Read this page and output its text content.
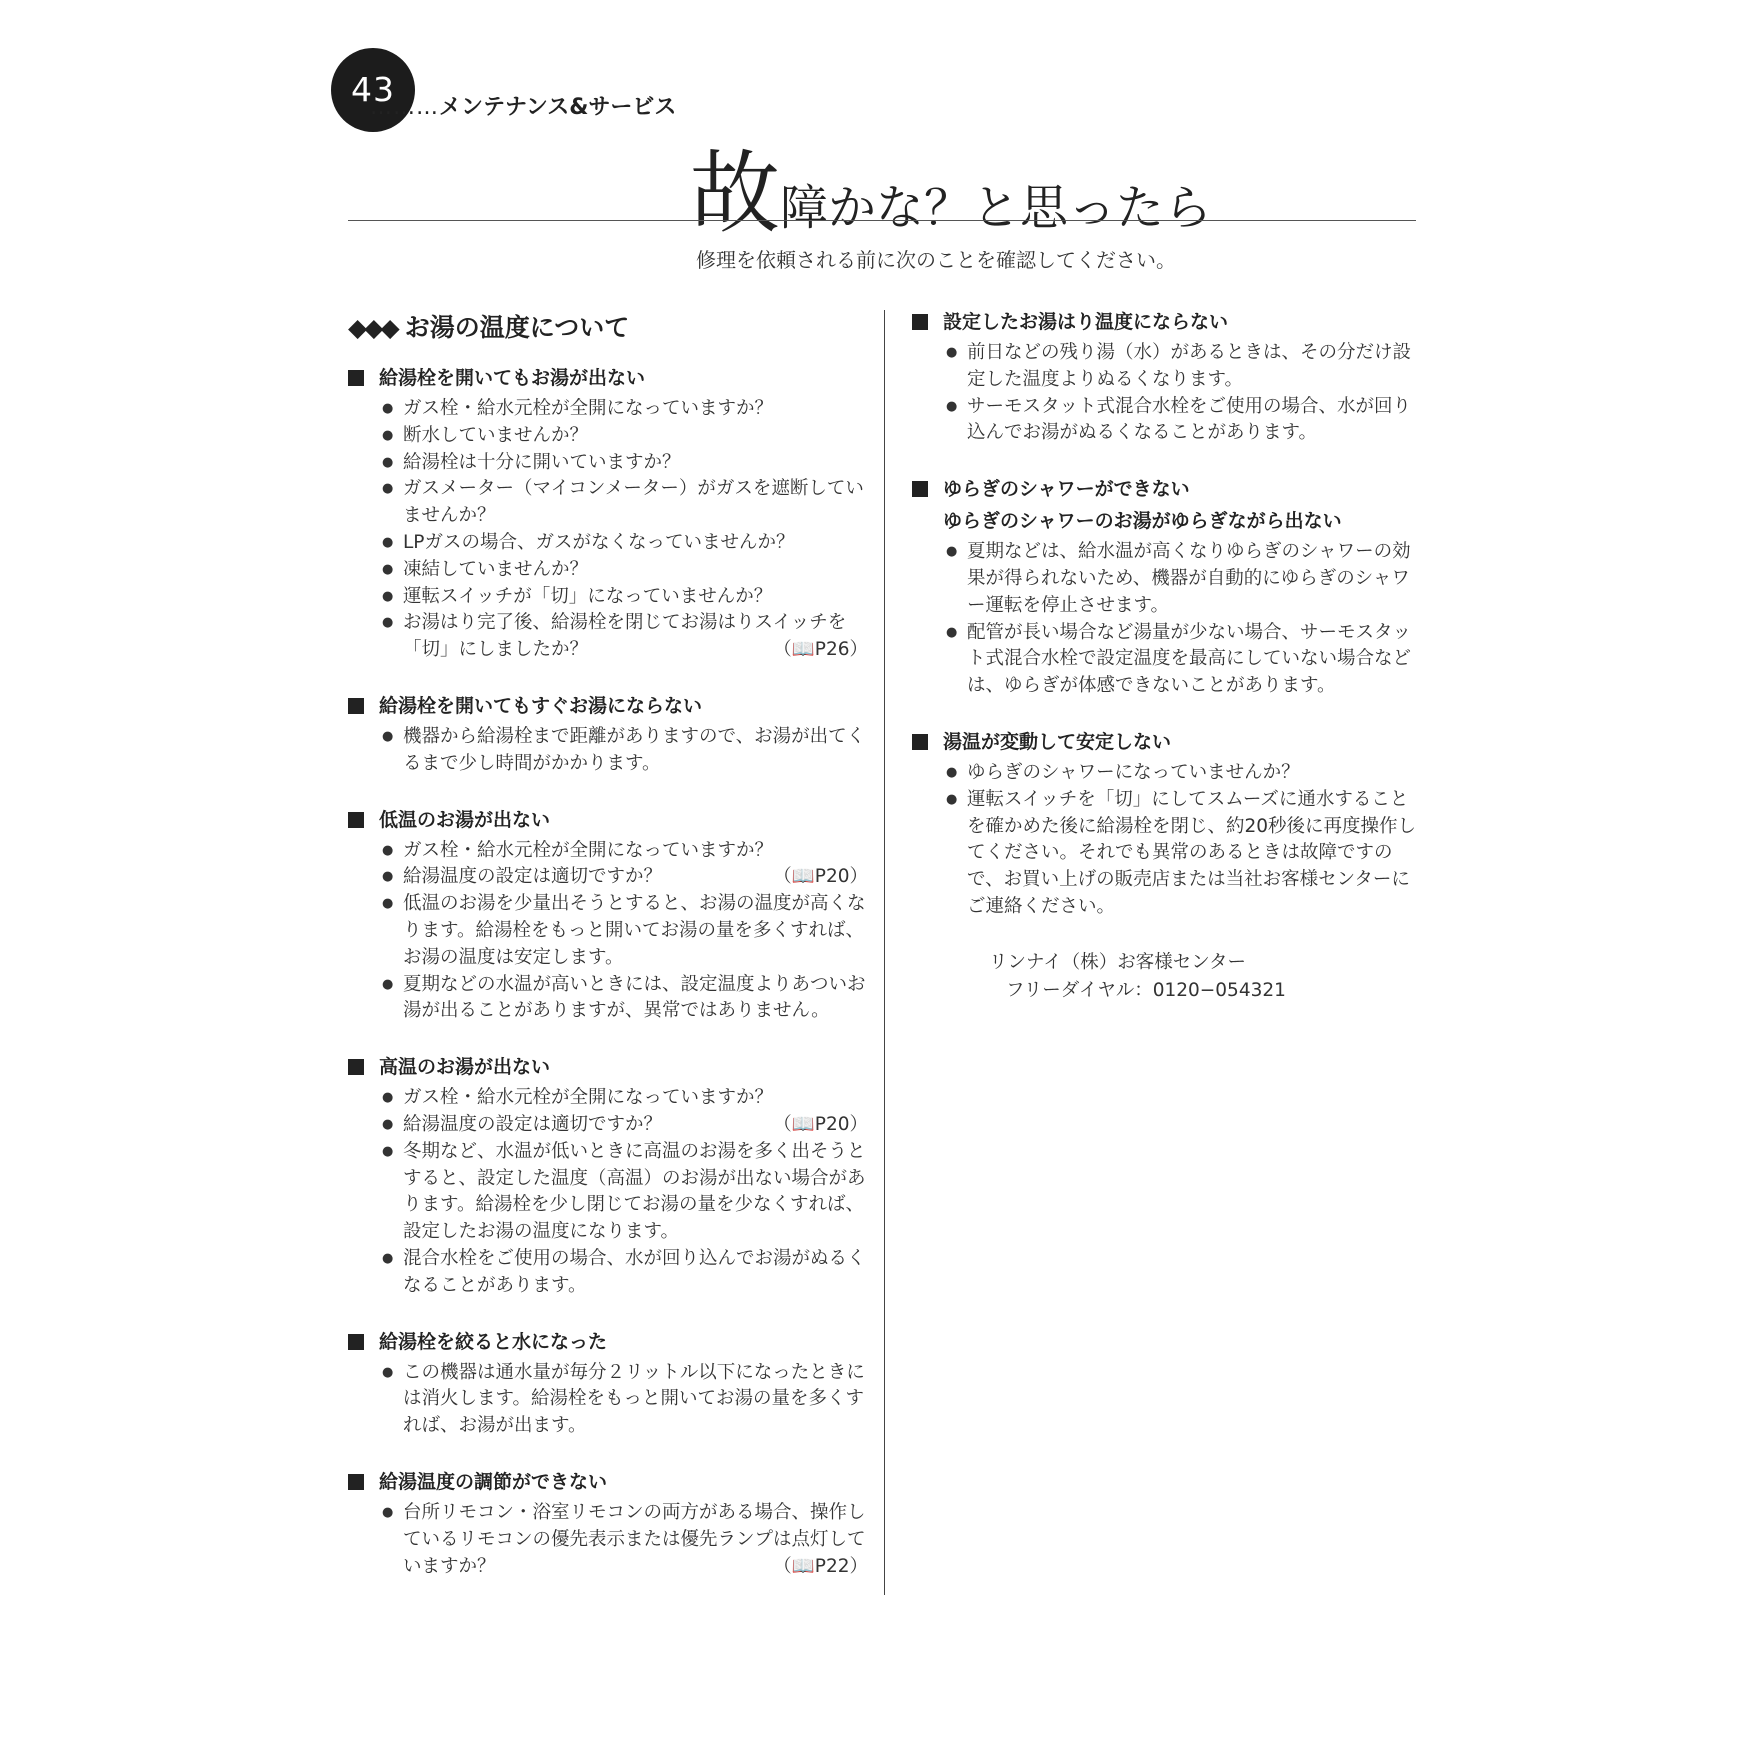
43
………メンテナンス&サービス
故障かな？と思ったら
修理を依頼される前に次のことを確認してください。
◆◆◆ お湯の温度について
給湯栓を開いてもお湯が出ない
● ガス栓・給水元栓が全開になっていますか？
● 断水していませんか？
● 給湯栓は十分に開いていますか？
● ガスメーター（マイコンメーター）がガスを遮断していませんか？
● LPガスの場合、ガスがなくなっていませんか？
● 凍結していませんか？
● 運転スイッチが「切」になっていませんか？
● お湯はり完了後、給湯栓を閉じてお湯はりスイッチを「切」にしましたか？	（📖P26）
給湯栓を開いてもすぐお湯にならない
● 機器から給湯栓まで距離がありますので、お湯が出てくるまで少し時間がかかります。
低温のお湯が出ない
● ガス栓・給水元栓が全開になっていますか？
● 給湯温度の設定は適切ですか？	（📖P20）
● 低温のお湯を少量出そうとすると、お湯の温度が高くなります。給湯栓をもっと開いてお湯の量を多くすれば、お湯の温度は安定します。
● 夏期などの水温が高いときには、設定温度よりあついお湯が出ることがありますが、異常ではありません。
高温のお湯が出ない
● ガス栓・給水元栓が全開になっていますか？
● 給湯温度の設定は適切ですか？	（📖P20）
● 冬期など、水温が低いときに高温のお湯を多く出そうとすると、設定した温度（高温）のお湯が出ない場合があります。給湯栓を少し閉じてお湯の量を少なくすれば、設定したお湯の温度になります。
● 混合水栓をご使用の場合、水が回り込んでお湯がぬるくなることがあります。
給湯栓を絞ると水になった
● この機器は通水量が毎分２リットル以下になったときには消火します。給湯栓をもっと開いてお湯の量を多くすれば、お湯が出ます。
給湯温度の調節ができない
● 台所リモコン・浴室リモコンの両方がある場合、操作しているリモコンの優先表示または優先ランプは点灯していますか？	（📖P22）
設定したお湯はり温度にならない
● 前日などの残り湯（水）があるときは、その分だけ設定した温度よりぬるくなります。
● サーモスタット式混合水栓をご使用の場合、水が回り込んでお湯がぬるくなることがあります。
ゆらぎのシャワーができない
ゆらぎのシャワーのお湯がゆらぎながら出ない
● 夏期などは、給水温が高くなりゆらぎのシャワーの効果が得られないため、機器が自動的にゆらぎのシャワー運転を停止させます。
● 配管が長い場合など湯量が少ない場合、サーモスタット式混合水栓で設定温度を最高にしていない場合などは、ゆらぎが体感できないことがあります。
湯温が変動して安定しない
● ゆらぎのシャワーになっていませんか？
● 運転スイッチを「切」にしてスムーズに通水することを確かめた後に給湯栓を閉じ、約20秒後に再度操作してください。それでも異常のあるときは故障ですので、お買い上げの販売店または当社お客様センターにご連絡ください。
リンナイ（株）お客様センター
フリーダイヤル：0120−054321
